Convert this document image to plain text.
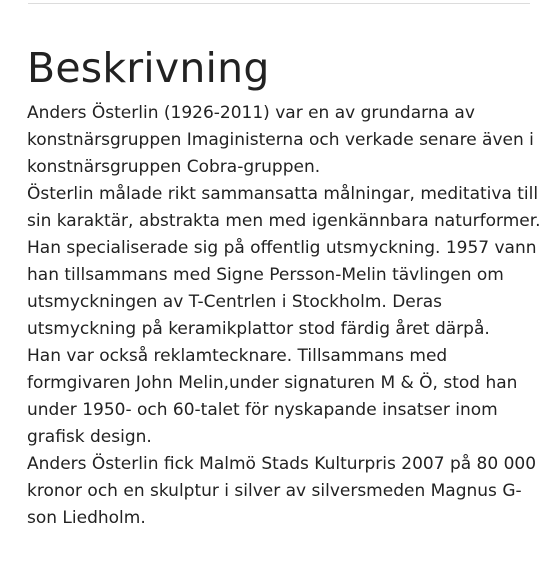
Beskrivning

Anders Österlin (1926-2011) var en av grundarna av
konstnärsgruppen Imaginisterna och verkade senare även i
konstnärsgruppen Cobra-gruppen.
Österlin målade rikt sammansatta målningar, meditativa till
sin karaktär, abstrakta men med igenkännbara naturformer.
Han specialiserade sig på offentlig utsmyckning. 1957 vann
han tillsammans med Signe Persson-Melin tävlingen om
utsmyckningen av T-Centrlen i Stockholm. Deras
utsmyckning på keramikplattor stod färdig året därpå.
Han var också reklamtecknare. Tillsammans med
formgivaren John Melin,under signaturen M & Ö, stod han
under 1950- och 60-talet för nyskapande insatser inom
grafisk design.
Anders Österlin fick Malmö Stads Kulturpris 2007 på 80 000
kronor och en skulptur i silver av silversmeden Magnus G-
son Liedholm.
